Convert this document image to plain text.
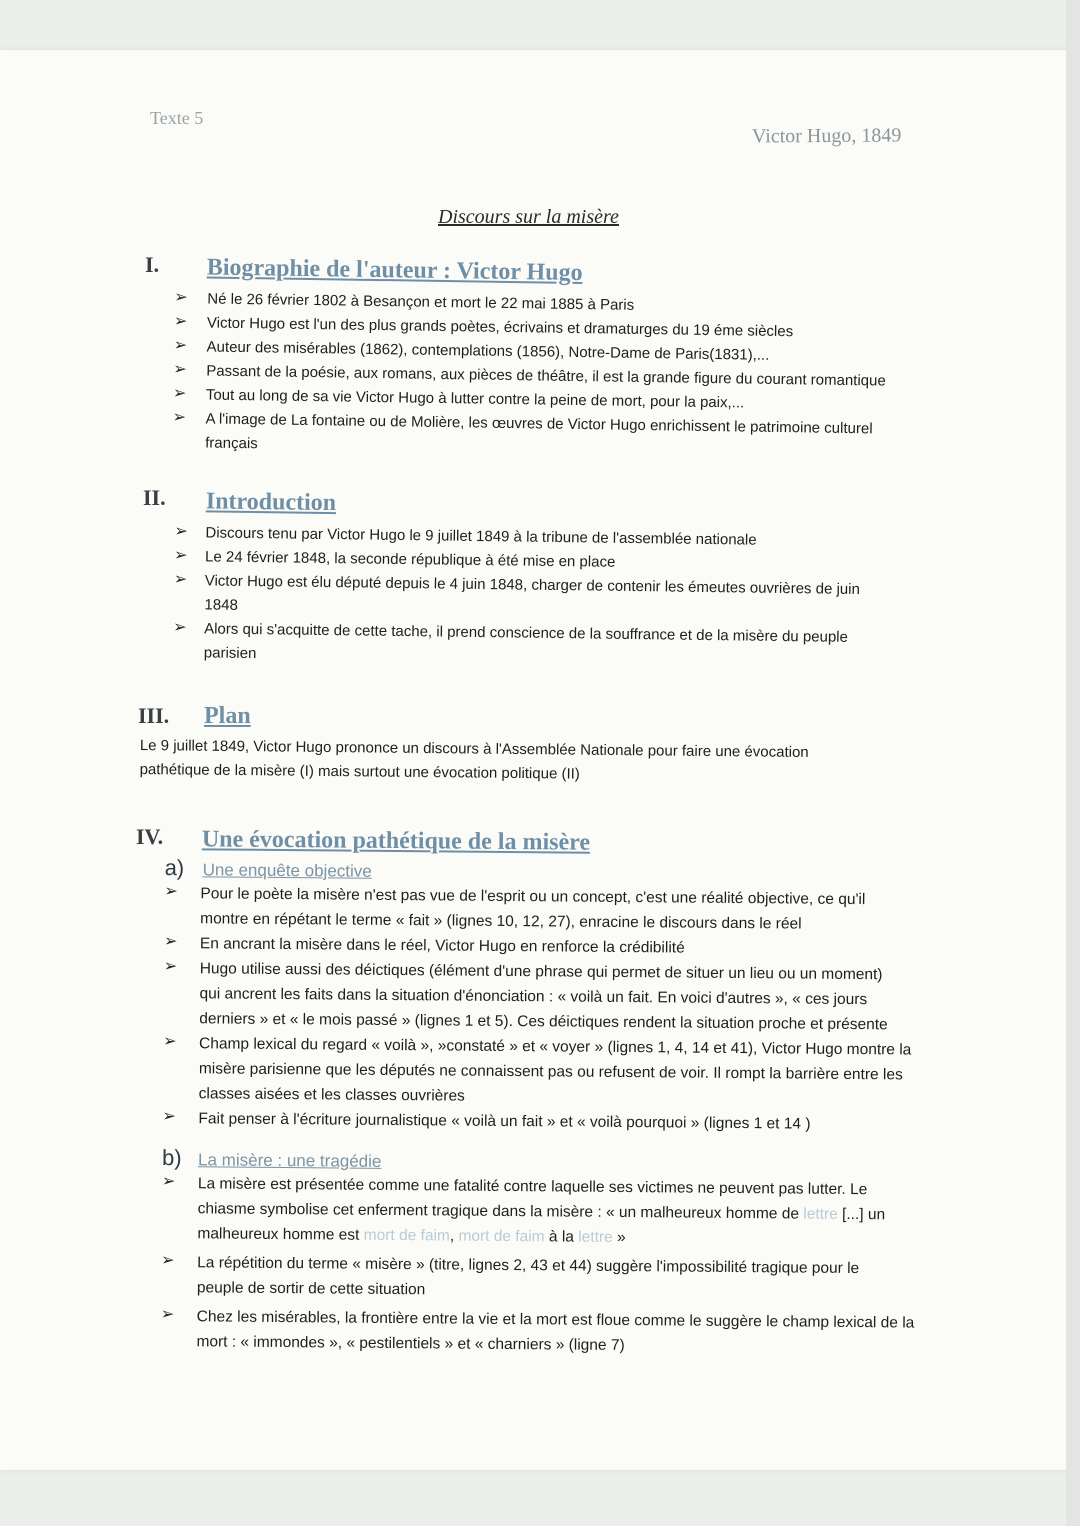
Texte 5
Victor Hugo, 1849
Discours sur la misère
I. Biographie de l'auteur : Victor Hugo
➢	Né le 26 février 1802 à Besançon et mort le 22 mai 1885 à Paris
➢	Victor Hugo est l'un des plus grands poètes, écrivains et dramaturges du 19 éme siècles
➢	Auteur des misérables (1862), contemplations (1856), Notre-Dame de Paris(1831),...
➢	Passant de la poésie, aux romans, aux pièces de théâtre, il est la grande figure du courant romantique
➢	Tout au long de sa vie Victor Hugo à lutter contre la peine de mort, pour la paix,...
➢	A l'image de La fontaine ou de Molière, les œuvres de Victor Hugo enrichissent le patrimoine culturel français
II. Introduction
➢	Discours tenu par Victor Hugo le 9 juillet 1849 à la tribune de l'assemblée nationale
➢	Le 24 février 1848, la seconde république à été mise en place
➢	Victor Hugo est élu député depuis le 4 juin 1848, charger de contenir les émeutes ouvrières de juin 1848
➢	Alors qui s'acquitte de cette tache, il prend conscience de la souffrance et de la misère du peuple parisien
III. Plan
Le 9 juillet 1849, Victor Hugo prononce un discours à l'Assemblée Nationale pour faire une évocation pathétique de la misère (I) mais surtout une évocation politique (II)
IV. Une évocation pathétique de la misère
a)	Une enquête objective
➢	Pour le poète la misère n'est pas vue de l'esprit ou un concept, c'est une réalité objective, ce qu'il montre en répétant le terme « fait » (lignes 10, 12, 27), enracine le discours dans le réel
➢	En ancrant la misère dans le réel, Victor Hugo en renforce la crédibilité
➢	Hugo utilise aussi des déictiques (élément d'une phrase qui permet de situer un lieu ou un moment) qui ancrent les faits dans la situation d'énonciation : « voilà un fait. En voici d'autres », « ces jours derniers » et « le mois passé » (lignes 1 et 5). Ces déictiques rendent la situation proche et présente
➢	Champ lexical du regard « voilà », »constaté » et « voyer » (lignes 1, 4, 14 et 41), Victor Hugo montre la misère parisienne que les députés ne connaissent pas ou refusent de voir. Il rompt la barrière entre les classes aisées et les classes ouvrières
➢	Fait penser à l'écriture journalistique « voilà un fait » et « voilà pourquoi » (lignes 1 et 14 )
b) La misère : une tragédie
➢	La misère est présentée comme une fatalité contre laquelle ses victimes ne peuvent pas lutter. Le chiasme symbolise cet enferment tragique dans la misère : « un malheureux homme de lettre [...] un malheureux homme est mort de faim, mort de faim à la lettre »
➢	La répétition du terme « misère » (titre, lignes 2, 43 et 44) suggère l'impossibilité tragique pour le peuple de sortir de cette situation
➢	Chez les misérables, la frontière entre la vie et la mort est floue comme le suggère le champ lexical de la mort : « immondes », « pestilentiels » et « charniers » (ligne 7)
